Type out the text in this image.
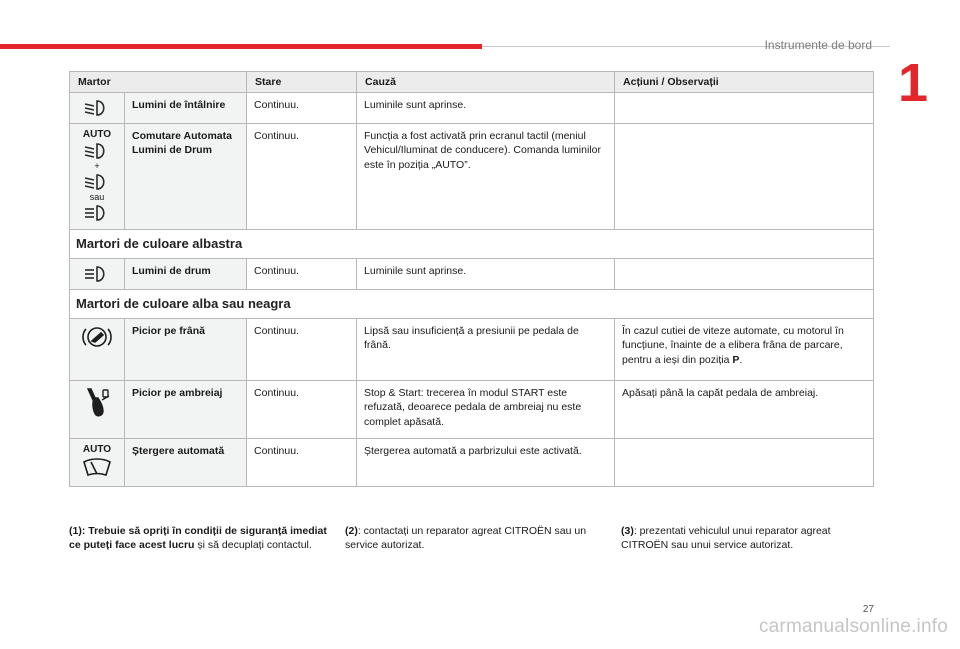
Instrumente de bord
1
Martor		Stare	Cauză	Acțiuni / Observații
	Lumini de întâlnire	Continuu.	Luminile sunt aprinse.	

AUTO
+
sau	Comutare Automata Lumini de Drum	Continuu.	Funcția a fost activată prin ecranul tactil (meniul Vehicul/Iluminat de conducere). Comanda luminilor este în poziția „AUTO”.	
Martori de culoare albastra				
	Lumini de drum	Continuu.	Luminile sunt aprinse.	
Martori de culoare alba sau neagra				
	Picior pe frână	Continuu.	Lipsă sau insuficiență a presiunii pe pedala de frână.	În cazul cutiei de viteze automate, cu motorul în funcțiune, înainte de a elibera frâna de parcare, pentru a ieși din poziția P.
	Picior pe ambreiaj	Continuu.	Stop & Start: trecerea în modul START este refuzată, deoarece pedala de ambreiaj nu este complet apăsată.	Apăsați până la capăt pedala de ambreiaj.

AUTO	Ștergere automată	Continuu.	Ștergerea automată a parbrizului este activată.	
(1): Trebuie să opriți în condiții de siguranță imediat ce puteți face acest lucru și să decuplați contactul.
(2): contactați un reparator agreat CITROËN sau un service autorizat.
(3): prezentati vehiculul unui reparator agreat CITROËN sau unui service autorizat.
27
carmanualsonline.info
